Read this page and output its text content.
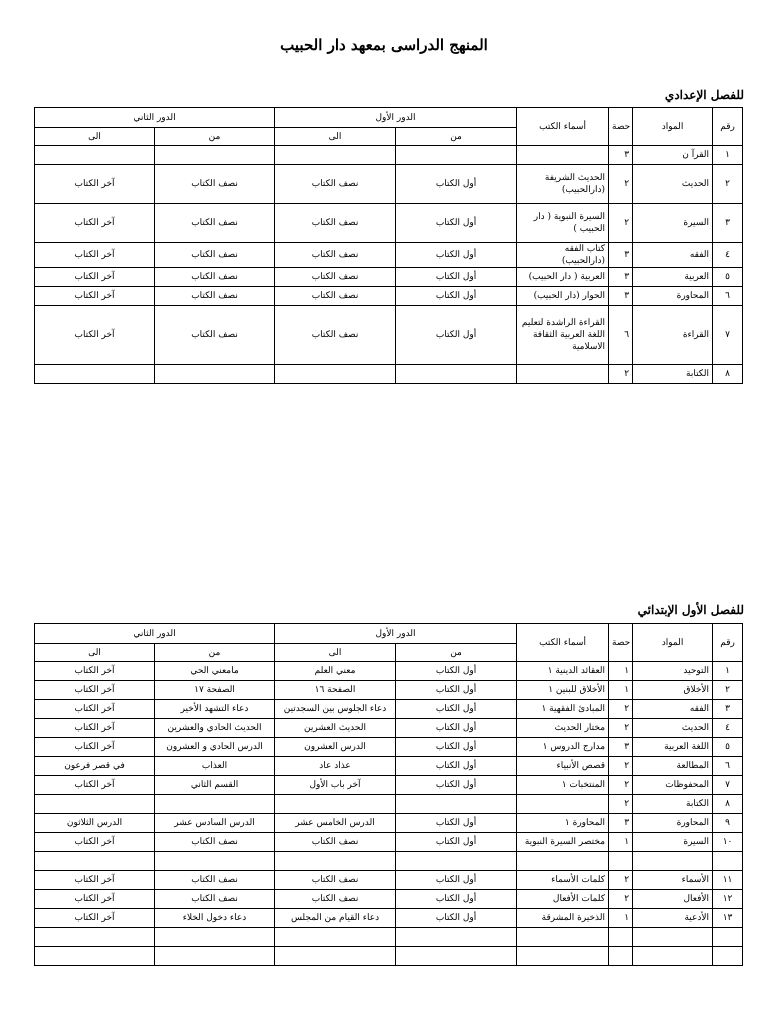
المنهج الدراسى بمعهد دار الحبيب
للفصل الإعدادي
الدور الثاني		الدور الأول		أسماء الكتب	ﺣﺼﺔ	المواد	ﺭﻗﻢ
الى	من	الى	من				
					٣	القرآ ن	١
آخر الكتاب	نصف الكتاب	نصف الكتاب	أول الكتاب	الحديث الشريفة (دارالحبيب)	٢	الحديث	٢
آخر الكتاب	نصف الكتاب	نصف الكتاب	أول الكتاب	السيرة النبوية ( دار الحبيب )	٢	السيرة	٣
آخر الكتاب	نصف الكتاب	نصف الكتاب	أول الكتاب	كتاب الفقه (دارالحبيب)	٣	الفقه	٤
آخر الكتاب	نصف الكتاب	نصف الكتاب	أول الكتاب	العربية ( دار الحبيب)	٣	العربية	٥
آخر الكتاب	نصف الكتاب	نصف الكتاب	أول الكتاب	الحوار (دار الحبيب)	٣	المحاورة	٦
آخر الكتاب	نصف الكتاب	نصف الكتاب	أول الكتاب	القراءة الراشدة لتعليم اللغة العربية الثقافة الاسلامية	٦	القراءة	٧
					٢	الكتابة	٨
للفصل الأول الإبتدائي
الدور الثاني		الدور الأول		أسماء الكتب	ﺣﺼﺔ	المواد	ﺭﻗﻢ
الى	من	الى	من				
آخر الكتاب	مامعني الحي	معني العلم	أول الكتاب	العقائد الدينية ١	١	التوحيد	١
آخر الكتاب	الصفحة ١٧	الصفحة ١٦	أول الكتاب	الأخلاق للبنين ١	١	الأخلاق	٢
آخر الكتاب	دعاء التشهد الأخير	دعاء الجلوس بين السجدتين	أول الكتاب	المبادئ الفقهية ١	٢	الفقه	٣
آخر الكتاب	الحديث الحادي والعشرين	الحديث العشرين	أول الكتاب	مختار الحديث	٢	الحديث	٤
آخر الكتاب	الدرس الحادي و العشرون	الدرس العشرون	أول الكتاب	مدارج الدروس ١	٣	اللغة العربية	٥
في قصر فرعون	العذاب	عذاد عاد	أول الكتاب	قصص الأنبياء	٢	المطالعة	٦
آخر الكتاب	القسم الثاني	آخر باب الأول	أول الكتاب	المنتخبات ١	٢	المحفوظات	٧
					٢	الكتابة	٨
الدرس الثلاثون	الدرس السادس عشر	الدرس الخامس عشر	أول الكتاب	المحاورة ١	٣	المحاورة	٩
آخر الكتاب	نصف الكتاب	نصف الكتاب	أول الكتاب	مختصر السيرة النبوية	١	السيرة	١٠

آخر الكتاب	نصف الكتاب	نصف الكتاب	أول الكتاب	كلمات الأسماء	٢	الأسماء	١١
آخر الكتاب	نصف الكتاب	نصف الكتاب	أول الكتاب	كلمات الأفعال	٢	الأفعال	١٢
آخر الكتاب	دعاء دخول الخلاء	دعاء القيام من المجلس	أول الكتاب	الذخيرة المشرقة	١	الأدعية	١٣
